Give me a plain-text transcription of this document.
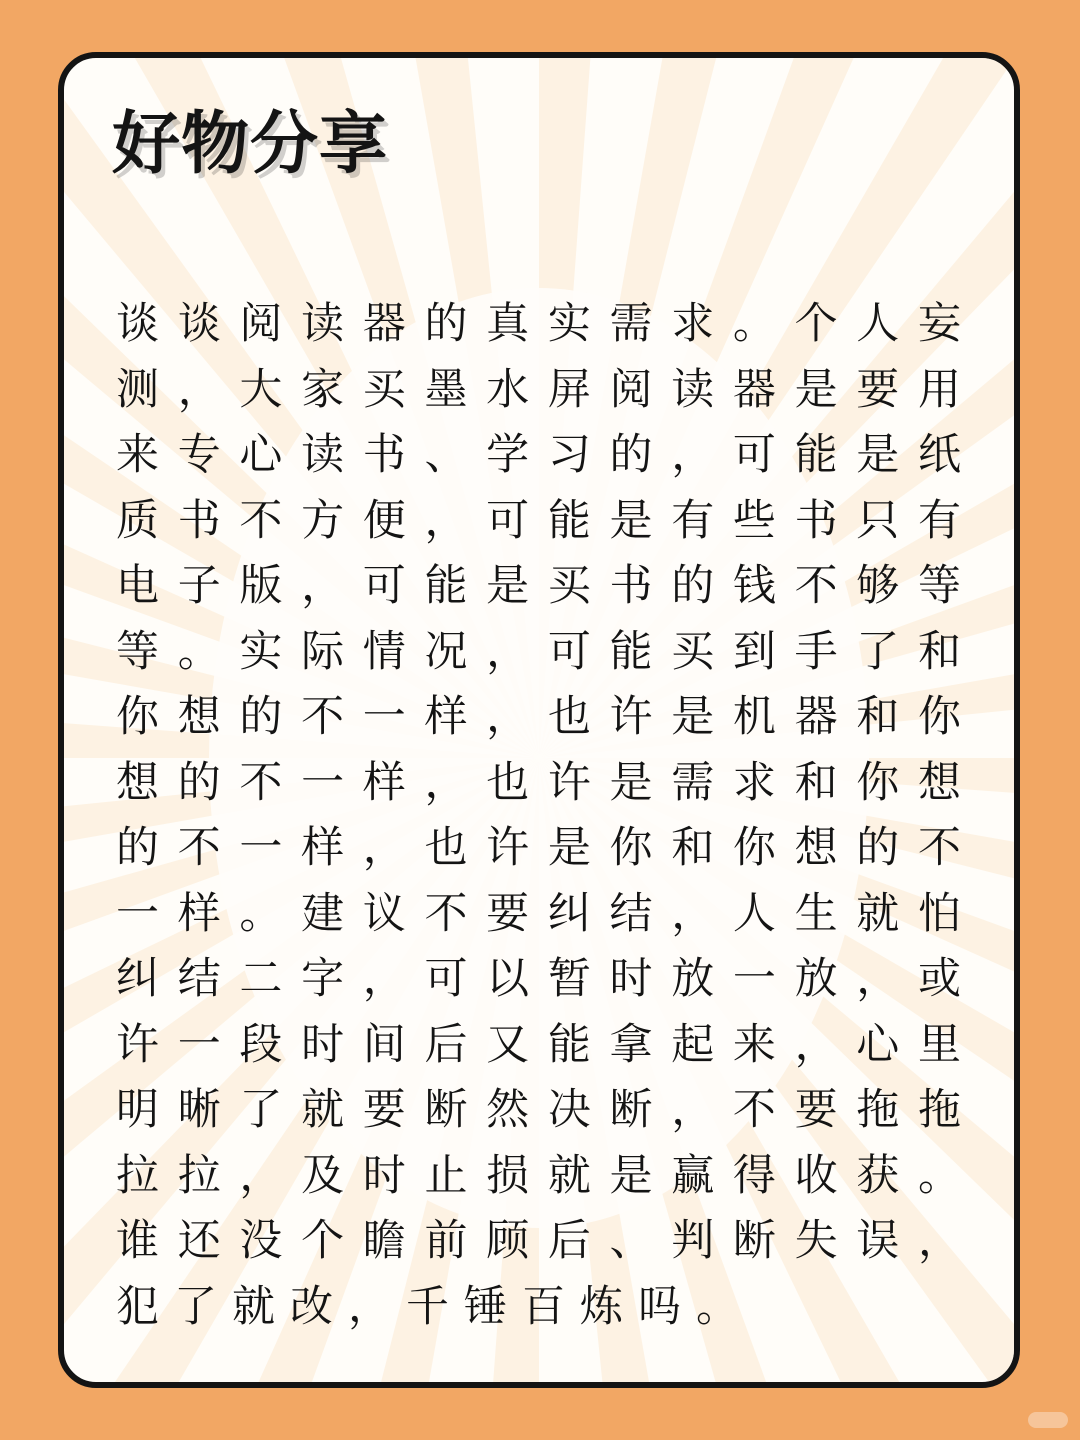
好物分享

谈谈阅读器的真实需求。个人妄测，大家买墨水屏阅读器是要用来专心读书、学习的，可能是纸质书不方便，可能是有些书只有电子版，可能是买书的钱不够等等。实际情况，可能买到手了和你想的不一样，也许是机器和你想的不一样，也许是需求和你想的不一样，也许是你和你想的不一样。建议不要纠结，人生就怕纠结二字，可以暂时放一放，或许一段时间后又能拿起来，心里明晰了就要断然决断，不要拖拖拉拉，及时止损就是赢得收获。谁还没个瞻前顾后、判断失误，犯了就改，千锤百炼吗。
